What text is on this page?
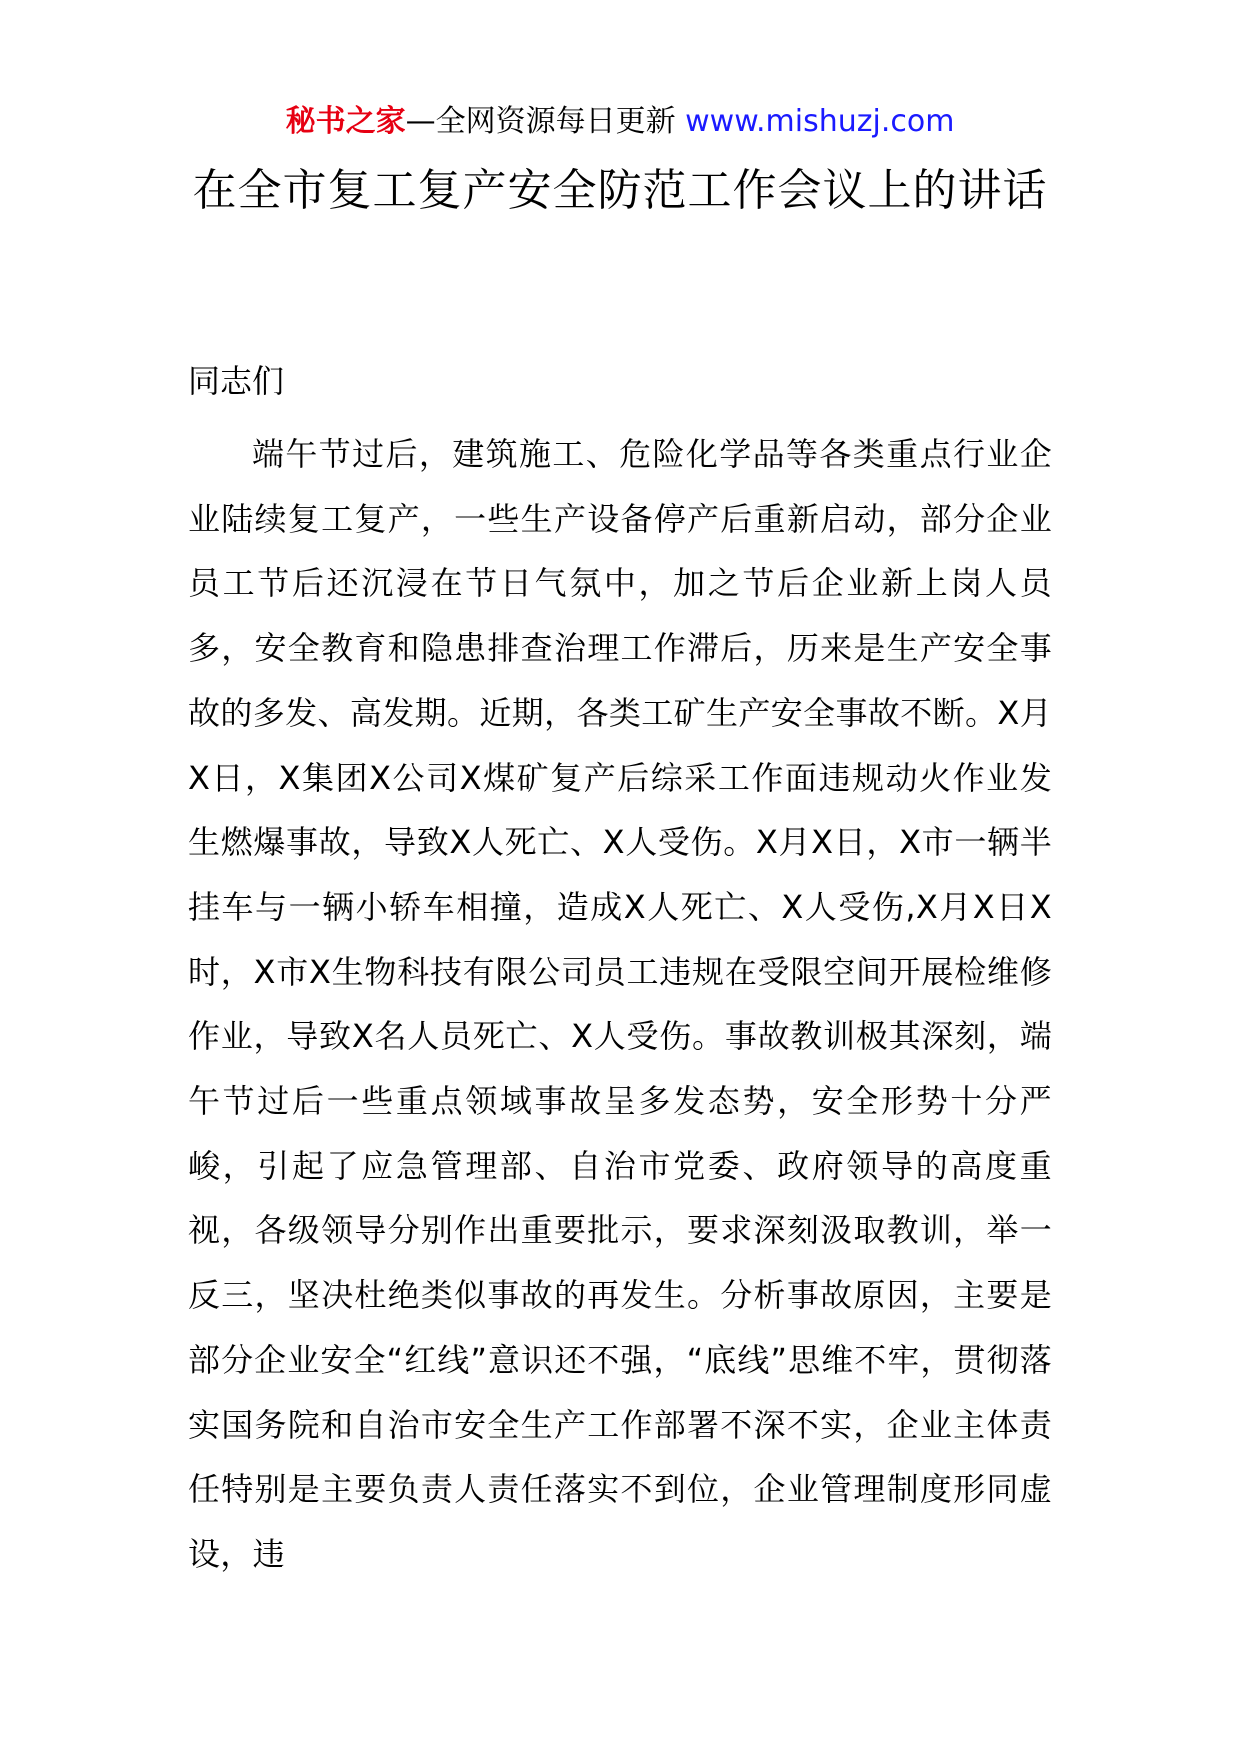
秘书之家—全网资源每日更新 www.mishuzj.com
在全市复工复产安全防范工作会议上的讲话
同志们

端午节过后，建筑施工、危险化学品等各类重点行业企业陆续复工复产，一些生产设备停产后重新启动，部分企业员工节后还沉浸在节日气氛中，加之节后企业新上岗人员多，安全教育和隐患排查治理工作滞后，历来是生产安全事故的多发、高发期。近期，各类工矿生产安全事故不断。X月X日，X集团X公司X煤矿复产后综采工作面违规动火作业发生燃爆事故，导致X人死亡、X人受伤。X月X日，X市一辆半挂车与一辆小轿车相撞，造成X人死亡、X人受伤,X月X日X时，X市X生物科技有限公司员工违规在受限空间开展检维修作业，导致X名人员死亡、X人受伤。事故教训极其深刻，端午节过后一些重点领域事故呈多发态势，安全形势十分严峻，引起了应急管理部、自治市党委、政府领导的高度重视，各级领导分别作出重要批示，要求深刻汲取教训，举一反三，坚决杜绝类似事故的再发生。分析事故原因，主要是部分企业安全“红线”意识还不强，“底线”思维不牢，贯彻落实国务院和自治市安全生产工作部署不深不实，企业主体责任特别是主要负责人责任落实不到位，企业管理制度形同虚设，违
